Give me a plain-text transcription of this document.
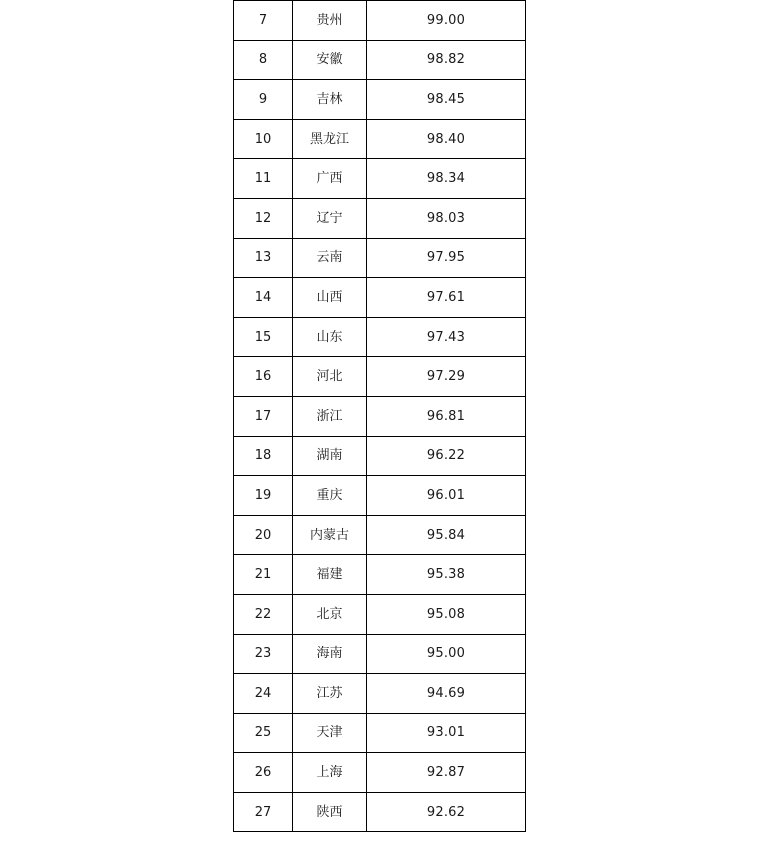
7	贵州	99.00
8	安徽	98.82
9	吉林	98.45
10	黑龙江	98.40
11	广西	98.34
12	辽宁	98.03
13	云南	97.95
14	山西	97.61
15	山东	97.43
16	河北	97.29
17	浙江	96.81
18	湖南	96.22
19	重庆	96.01
20	内蒙古	95.84
21	福建	95.38
22	北京	95.08
23	海南	95.00
24	江苏	94.69
25	天津	93.01
26	上海	92.87
27	陕西	92.62
